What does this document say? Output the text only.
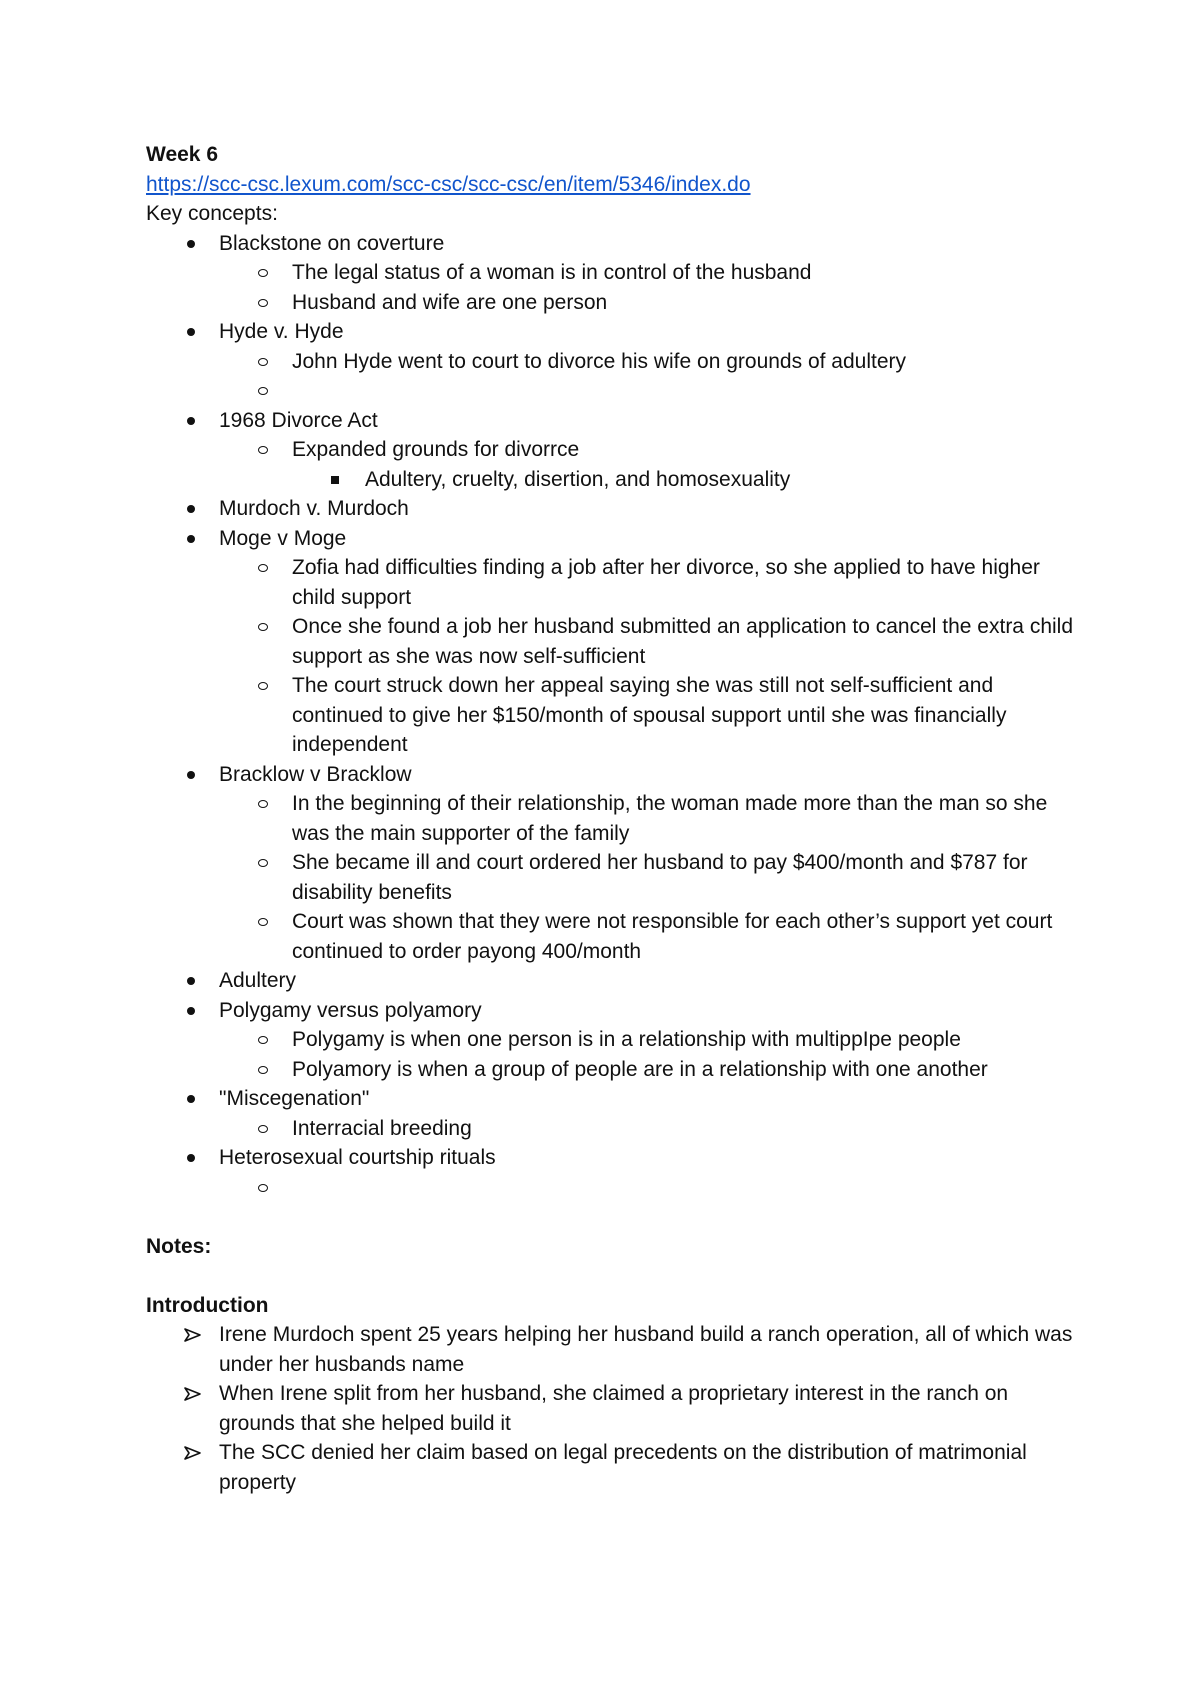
Week 6

https://scc-csc.lexum.com/scc-csc/scc-csc/en/item/5346/index.do

Key concepts:

Blackstone on coverture
The legal status of a woman is in control of the husband
Husband and wife are one person
Hyde v. Hyde
John Hyde went to court to divorce his wife on grounds of adultery

1968 Divorce Act
Expanded grounds for divorrce
Adultery, cruelty, disertion, and homosexuality
Murdoch v. Murdoch
Moge v Moge
Zofia had difficulties finding a job after her divorce, so she applied to have higher child support
Once she found a job her husband submitted an application to cancel the extra child support as she was now self-sufficient
The court struck down her appeal saying she was still not self-sufficient and continued to give her $150/month of spousal support until she was financially independent
Bracklow v Bracklow
In the beginning of their relationship, the woman made more than the man so she was the main supporter of the family
She became ill and court ordered her husband to pay $400/month and $787 for disability benefits
Court was shown that they were not responsible for each other’s support yet court continued to order payong 400/month
Adultery
Polygamy versus polyamory
Polygamy is when one person is in a relationship with multippIpe people
Polyamory is when a group of people are in a relationship with one another
"Miscegenation"
Interracial breeding
Heterosexual courtship rituals

Notes:

Introduction

Irene Murdoch spent 25 years helping her husband build a ranch operation, all of which was under her husbands name
When Irene split from her husband, she claimed a proprietary interest in the ranch on grounds that she helped build it
The SCC denied her claim based on legal precedents on the distribution of matrimonial property
